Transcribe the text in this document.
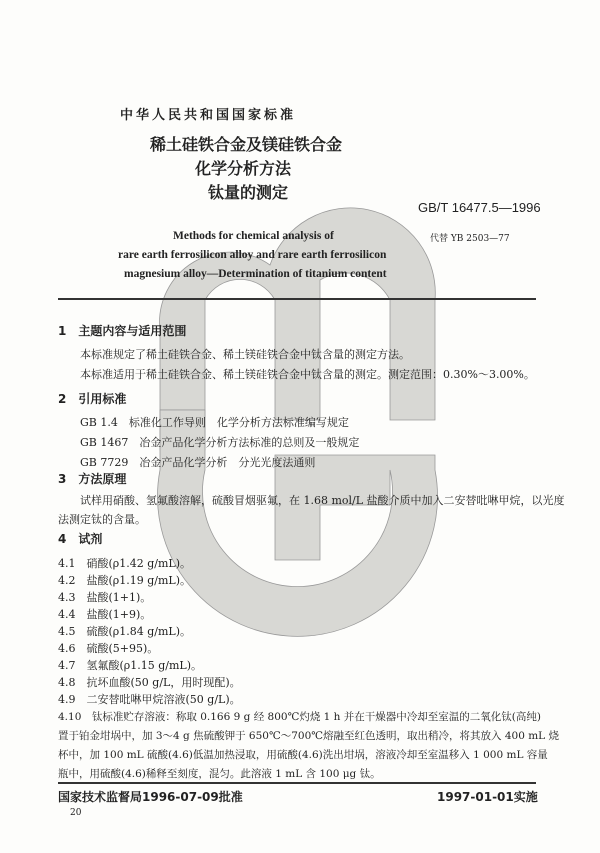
中华人民共和国国家标准
稀土硅铁合金及镁硅铁合金
化学分析方法
钛量的测定
GB/T 16477.5—1996
代替 YB 2503—77
Methods for chemical analysis of
rare earth ferrosilicon alloy and rare earth ferrosilicon
magnesium alloy—Determination of titanium content
1　主题内容与适用范围
本标准规定了稀土硅铁合金、稀土镁硅铁合金中钛含量的测定方法。
本标准适用于稀土硅铁合金、稀土镁硅铁合金中钛含量的测定。测定范围：0.30%～3.00%。
2　引用标准
GB 1.4　标准化工作导则　化学分析方法标准编写规定
GB 1467　冶金产品化学分析方法标准的总则及一般规定
GB 7729　冶金产品化学分析　分光光度法通则
3　方法原理
试样用硝酸、氢氟酸溶解，硫酸冒烟驱氟，在 1.68 mol/L 盐酸介质中加入二安替吡啉甲烷，以光度
法测定钛的含量。
4　试剂
4.1　硝酸(ρ1.42 g/mL)。
4.2　盐酸(ρ1.19 g/mL)。
4.3　盐酸(1+1)。
4.4　盐酸(1+9)。
4.5　硫酸(ρ1.84 g/mL)。
4.6　硫酸(5+95)。
4.7　氢氟酸(ρ1.15 g/mL)。
4.8　抗坏血酸(50 g/L，用时现配)。
4.9　二安替吡啉甲烷溶液(50 g/L)。
4.10　钛标准贮存溶液：称取 0.166 9 g 经 800℃灼烧 1 h 并在干燥器中冷却至室温的二氧化钛(高纯)
置于铂金坩埚中，加 3～4 g 焦硫酸钾于 650℃～700℃熔融至红色透明，取出稍冷，将其放入 400 mL 烧
杯中，加 100 mL 硫酸(4.6)低温加热浸取，用硫酸(4.6)洗出坩埚，溶液冷却至室温移入 1 000 mL 容量
瓶中，用硫酸(4.6)稀释至刻度，混匀。此溶液 1 mL 含 100 μg 钛。
国家技术监督局1996-07-09批准	1997-01-01实施
20
